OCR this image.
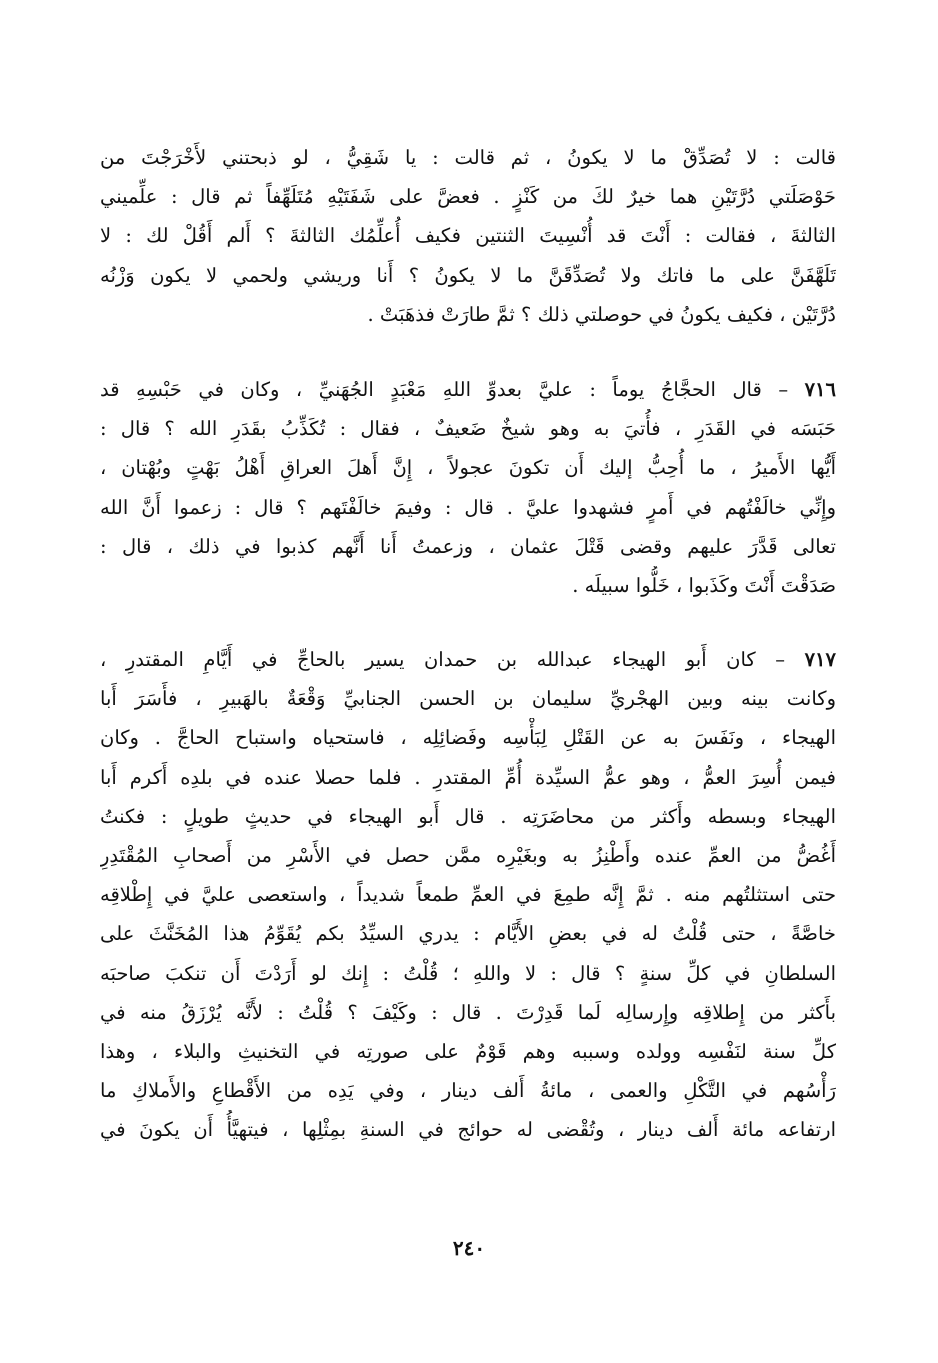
قالت : لا تُصَدِّقْ ما لا يكونُ ، ثم قالت : يا شَقِيُّ ، لو ذبحتني لأَخْرَجْتَ من
حَوْصَلَتي دُرَّتَيْنِ هما خيرٌ لكَ من كَنْزٍ . فعضَّ على شَفَتَيْهِ مُتَلَهِّفاً ثم قال : علِّميني
الثالثةَ ، فقالت : أَنْتَ قد أُنْسِيتَ الثنتين فكيف أُعلِّمُك الثالثةَ ؟ أَلم أَقُلْ لك : لا
تَلَهَّفَنَّ على ما فاتك ولا تُصَدِّقَنَّ ما لا يكونُ ؟ أَنا وريشي ولحمي لا يكون وَزْنُه
دُرَّتَيْن ، فكيف يكونُ في حوصلتي ذلك ؟ ثمَّ طارَتْ فذهَبَتْ .
٧١٦ – قال الحجَّاجُ يوماً : عليَّ بعدوِّ اللهِ مَعْبَدٍ الجُهَنيِّ ، وكان في حَبْسِهِ قد
حَبَسَه في القَدَرِ ، فأُتيَ به وهو شيخٌ ضَعيفٌ ، فقال : تُكَذِّبُ بقَدَرِ الله ؟ قال :
أَيُّها الأَميرُ ، ما أُحِبُّ إليك أَن تكونَ عجولاً ، إِنَّ أَهلَ العراقِ أَهْلُ بَهْتٍ وبُهْتان ،
وإِنِّي خالَفْتُهم في أَمرٍ فشهدوا عليَّ . قال : وفيمَ خالَفْتَهم ؟ قال : زعموا أَنَّ الله
تعالى قَدَّرَ عليهم وقضى قَتْلَ عثمان ، وزعمتُ أَنا أَنَّهم كذبوا في ذلك ، قال :
صَدَقْتَ أَنْتَ وكَذَبوا ، خَلُّوا سبيلَه .
٧١٧ – كان أَبو الهيجاء عبدالله بن حمدان يسير بالحاجِّ في أَيَّامِ المقتدرِ ،
وكانت بينه وبين الهجْريِّ سليمان بن الحسن الجنابيِّ وَقْعَةٌ بالهَبيرِ ، فأَسَرَ أَبا
الهيجاء ، ونَفَسَ به عن القَتْلِ لِبَأْسِه وفَضائِلِه ، فاستحياه واستباح الحاجَّ . وكان
فيمن أُسِرَ العمُّ ، وهو عمُّ السيِّدة أُمِّ المقتدرِ . فلما حصلا عنده في بلدِه أَكرم أَبا
الهيجاء وبسطه وأَكثر من محاضَرَتِه . قال أَبو الهيجاء في حديثٍ طويلٍ : فكنتُ
أَغُضُّ من العمِّ عنده وأَطْنِزُ به وبغَيْرِه ممَّن حصل في الأَسْرِ من أَصحابِ المُقْتَدِرِ
حتى استثلتُهم منه . ثمَّ إِنَّه طمِعَ في العمِّ طمعاً شديداً ، واستعصى عليَّ في إِطْلاقِه
خاصَّةً ، حتى قُلْتُ له في بعضِ الأَيَّام : يدري السيِّدُ بكم يُقَوِّمُ هذا المُخَنَّثَ على
السلطانِ في كلِّ سنةٍ ؟ قال : لا واللهِ ؛ قُلْتُ : إِنك لو أَرَدْتَ أَن تنكبَ صاحبَه
بأَكثر من إِطلاقِه وإِرسالِه لَما قَدِرْتَ . قال : وكَيْفَ ؟ قُلْتُ : لأَنَّه يُرْزَقُ منه في
كلِّ سنة لنَفْسِه وولده وسببه وهم قَوْمٌ على صورتِه في التخنيثِ والبلاء ، وهذا
رَأْسُهم في التَّكْلِ والعمى ، مائةُ أَلف دينار ، وفي يَدِه من الأَقْطاعِ والأَملاكِ ما
ارتفاعه مائة أَلف دينار ، وتُقْضى له حوائج في السنةِ بمِثْلِها ، فيتهيَّأُ أَن يكونَ في
٢٤٠
